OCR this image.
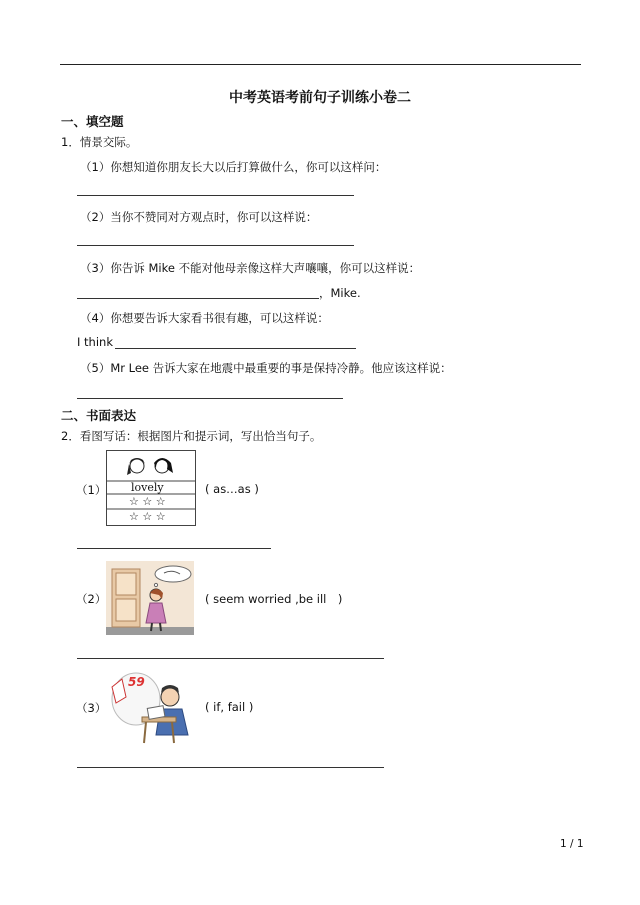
中考英语考前句子训练小卷二
一、填空题
1．情景交际。
（1）你想知道你朋友长大以后打算做什么，你可以这样问：
（2）当你不赞同对方观点时，你可以这样说：
（3）你告诉 Mike 不能对他母亲像这样大声嚷嚷，你可以这样说：
，Mike.
（4）你想要告诉大家看书很有趣，可以这样说：
I think
（5）Mr Lee 告诉大家在地震中最重要的事是保持冷静。他应该这样说：
二、书面表达
2．看图写话：根据图片和提示词，写出恰当句子。
（1） lovely
☆ ☆ ☆
☆ ☆ ☆
( as…as )
（2）	( seem worried ,be ill　)
（3）
59
( if, fail )
1 / 1
